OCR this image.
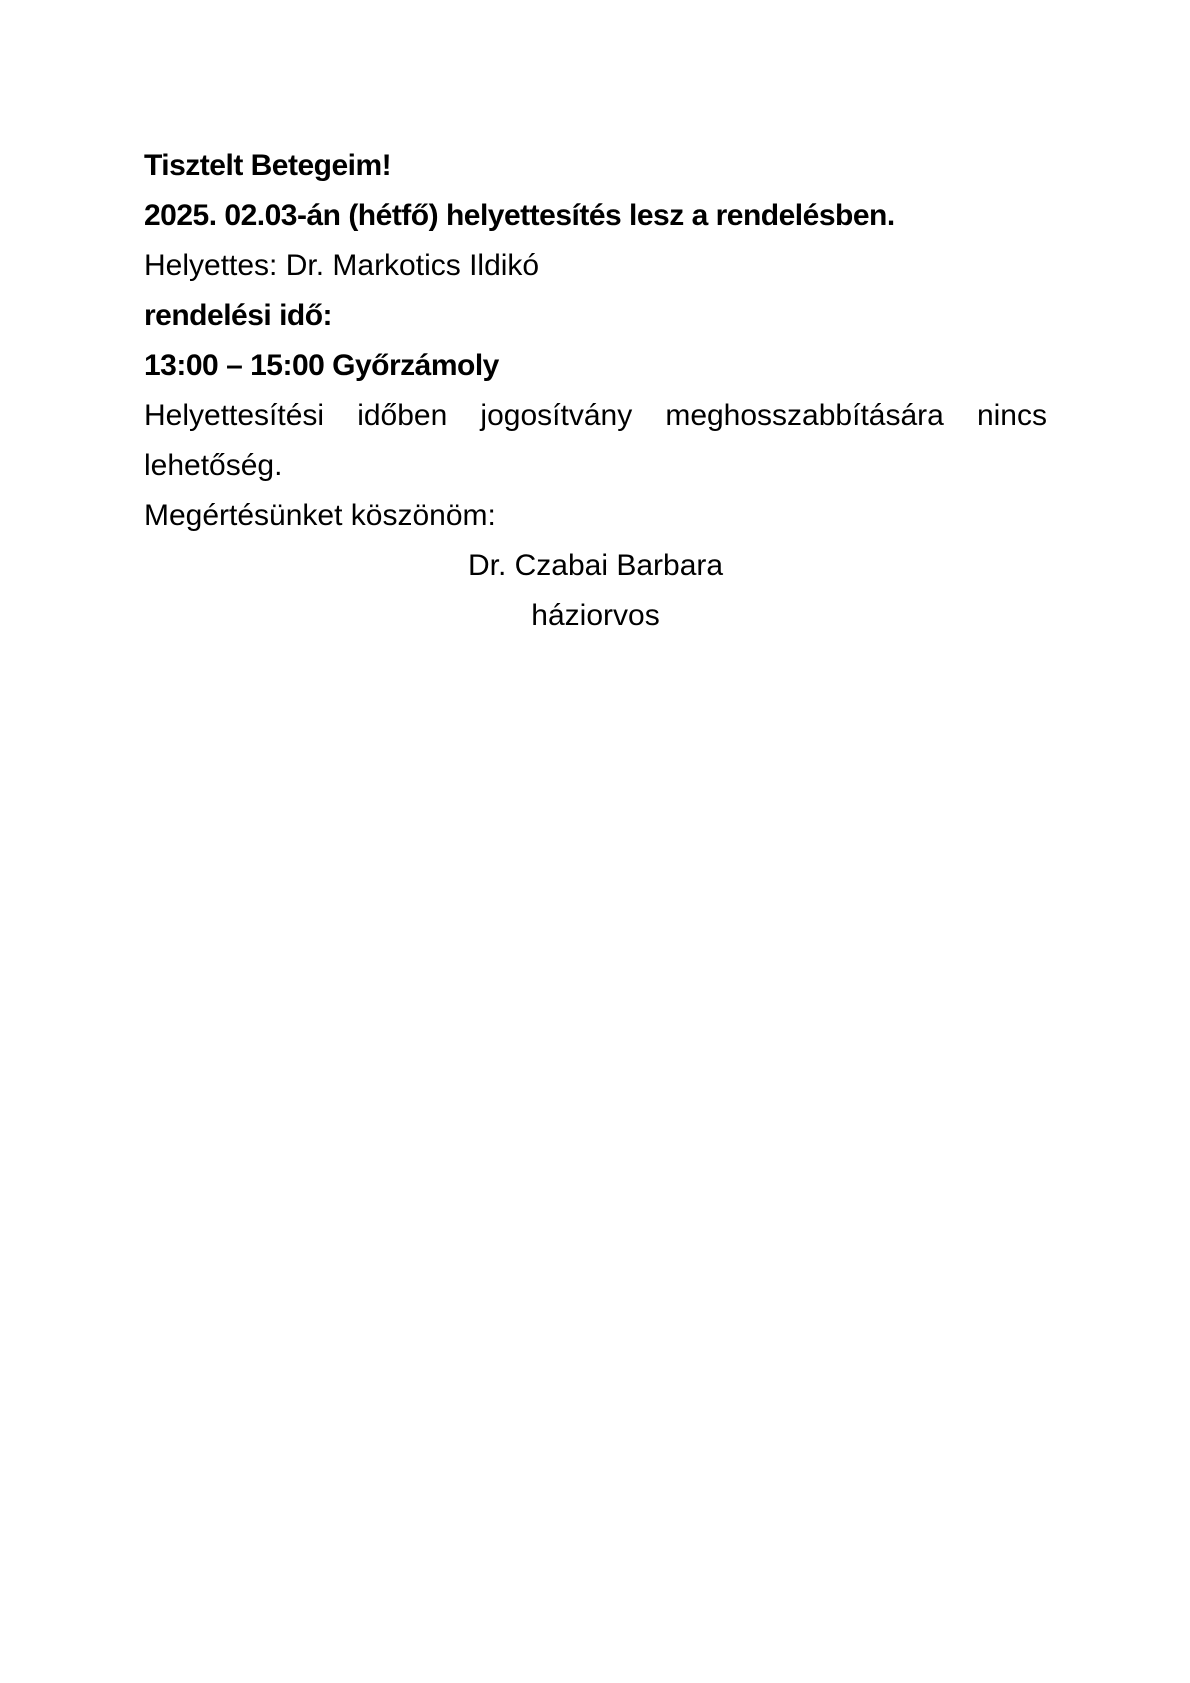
Tisztelt Betegeim!

2025. 02.03-án (hétfő) helyettesítés lesz a rendelésben.

Helyettes: Dr. Markotics Ildikó

rendelési idő:

13:00 – 15:00 Győrzámoly

Helyettesítési időben jogosítvány meghosszabbítására nincs lehetőség.

Megértésünket köszönöm:

Dr. Czabai Barbara

háziorvos
